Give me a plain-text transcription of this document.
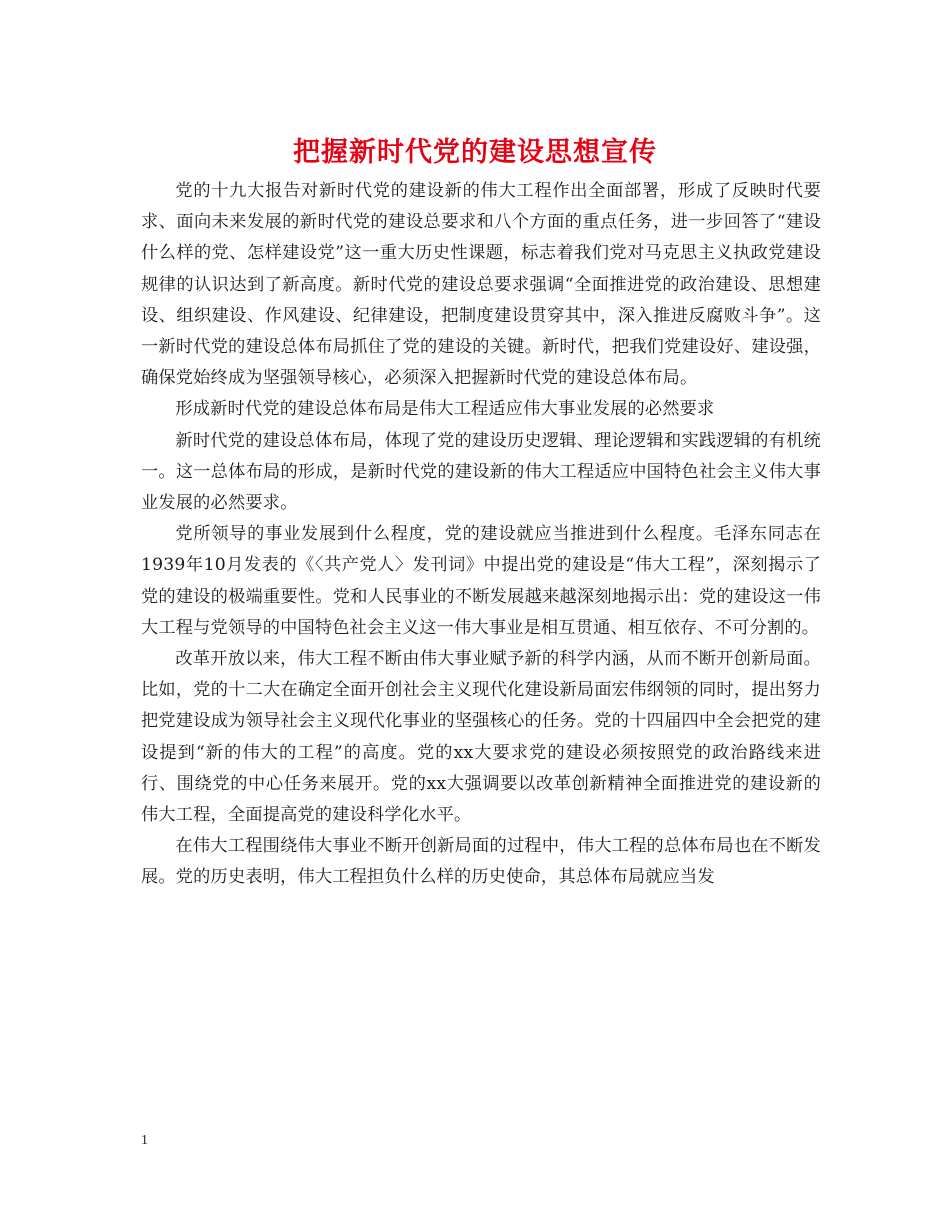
把握新时代党的建设思想宣传

党的十九大报告对新时代党的建设新的伟大工程作出全面部署，形成了反映时代要求、面向未来发展的新时代党的建设总要求和八个方面的重点任务，进一步回答了“建设什么样的党、怎样建设党”这一重大历史性课题，标志着我们党对马克思主义执政党建设规律的认识达到了新高度。新时代党的建设总要求强调“全面推进党的政治建设、思想建设、组织建设、作风建设、纪律建设，把制度建设贯穿其中，深入推进反腐败斗争”。这一新时代党的建设总体布局抓住了党的建设的关键。新时代，把我们党建设好、建设强，确保党始终成为坚强领导核心，必须深入把握新时代党的建设总体布局。

形成新时代党的建设总体布局是伟大工程适应伟大事业发展的必然要求

新时代党的建设总体布局，体现了党的建设历史逻辑、理论逻辑和实践逻辑的有机统一。这一总体布局的形成，是新时代党的建设新的伟大工程适应中国特色社会主义伟大事业发展的必然要求。

党所领导的事业发展到什么程度，党的建设就应当推进到什么程度。毛泽东同志在1939年10月发表的《〈共产党人〉发刊词》中提出党的建设是“伟大工程”，深刻揭示了党的建设的极端重要性。党和人民事业的不断发展越来越深刻地揭示出：党的建设这一伟大工程与党领导的中国特色社会主义这一伟大事业是相互贯通、相互依存、不可分割的。

改革开放以来，伟大工程不断由伟大事业赋予新的科学内涵，从而不断开创新局面。比如，党的十二大在确定全面开创社会主义现代化建设新局面宏伟纲领的同时，提出努力把党建设成为领导社会主义现代化事业的坚强核心的任务。党的十四届四中全会把党的建设提到“新的伟大的工程”的高度。党的xx大要求党的建设必须按照党的政治路线来进行、围绕党的中心任务来展开。党的xx大强调要以改革创新精神全面推进党的建设新的伟大工程，全面提高党的建设科学化水平。

在伟大工程围绕伟大事业不断开创新局面的过程中，伟大工程的总体布局也在不断发展。党的历史表明，伟大工程担负什么样的历史使命，其总体布局就应当发

1
